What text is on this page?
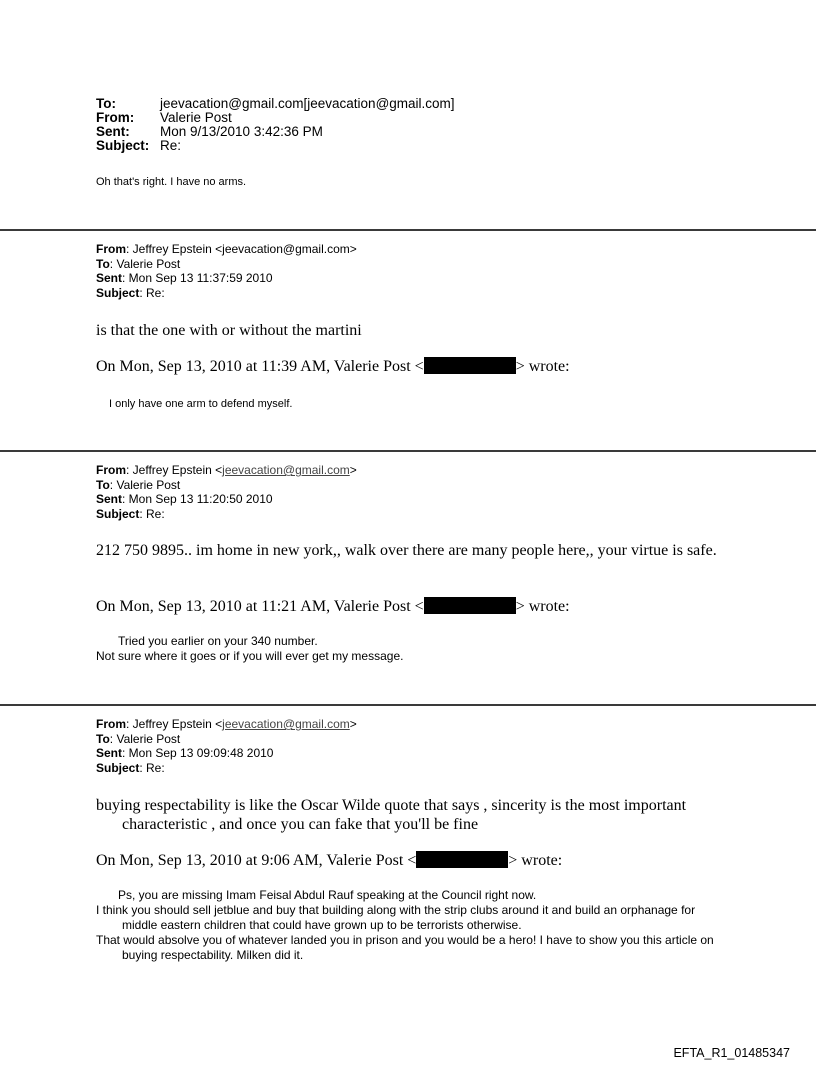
To:	jeevacation@gmail.com[jeevacation@gmail.com]
From: Valerie Post
Sent: Mon 9/13/2010 3:42:36 PM
Subject: Re:
Oh that's right. I have no arms.
From: Jeffrey Epstein <jeevacation@gmail.com>
To: Valerie Post
Sent: Mon Sep 13 11:37:59 2010
Subject: Re:
is that the one with or without the martini
On Mon, Sep 13, 2010 at 11:39 AM, Valerie Post <	> wrote:
I only have one arm to defend myself.
From: Jeffrey Epstein <jeevacation@gmail.com>
To: Valerie Post
Sent: Mon Sep 13 11:20:50 2010
Subject: Re:
212 750 9895.. im home in new york,, walk over there are many people here,, your virtue is safe.
On Mon, Sep 13, 2010 at 11:21 AM, Valerie Post <	> wrote:
Tried you earlier on your 340 number.
Not sure where it goes or if you will ever get my message.
From: Jeffrey Epstein <jeevacation@gmail.com>
To: Valerie Post
Sent: Mon Sep 13 09:09:48 2010
Subject: Re:
buying respectability is like the Oscar Wilde quote that says , sincerity is the most important characteristic , and once you can fake that you'll be fine
On Mon, Sep 13, 2010 at 9:06 AM, Valerie Post <	> wrote:
Ps, you are missing Imam Feisal Abdul Rauf speaking at the Council right now.
I think you should sell jetblue and buy that building along with the strip clubs around it and build an orphanage for middle eastern children that could have grown up to be terrorists otherwise.
That would absolve you of whatever landed you in prison and you would be a hero! I have to show you this article on buying respectability. Milken did it.
EFTA_R1_01485347
